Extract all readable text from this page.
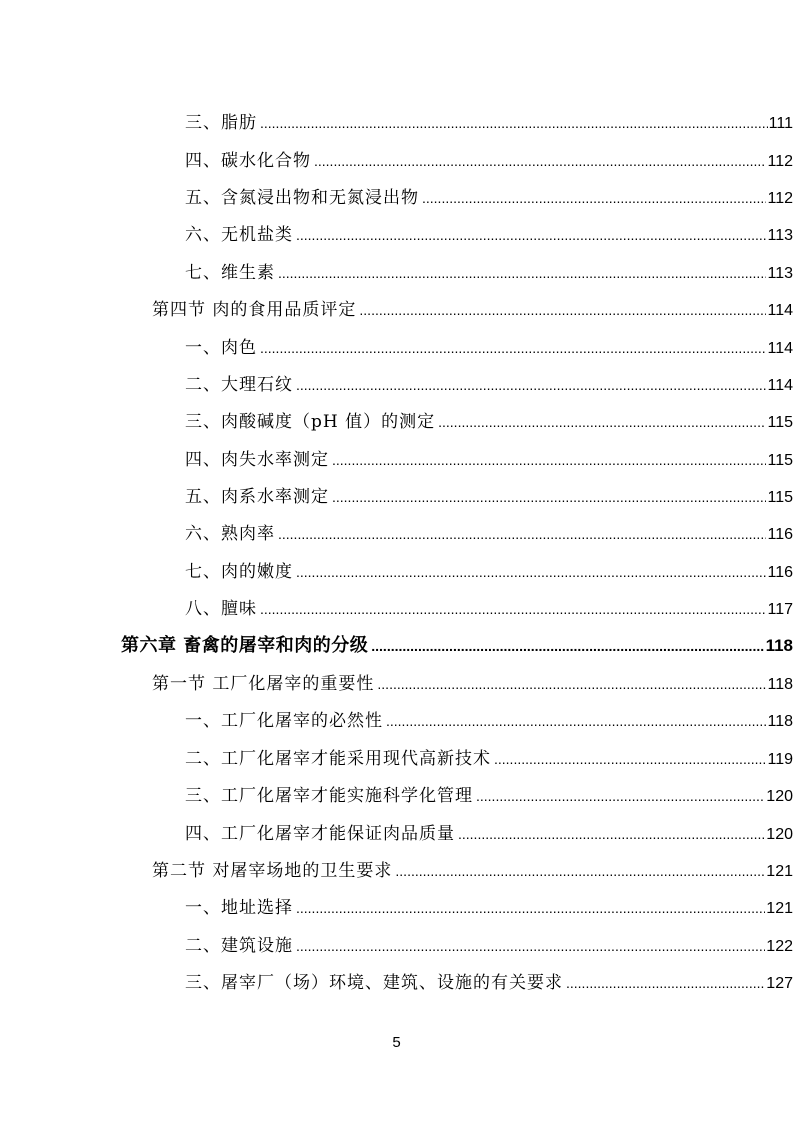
三、脂肪 .....	111
四、碳水化合物 .....	112
五、含氮浸出物和无氮浸出物 .....	112
六、无机盐类 .....	113
七、维生素 .....	113
第四节 肉的食用品质评定 .....	114
一、肉色 .....	114
二、大理石纹 .....	114
三、肉酸碱度（pH 值）的测定 .....	115
四、肉失水率测定 .....	115
五、肉系水率测定 .....	115
六、熟肉率 .....	116
七、肉的嫩度 .....	116
八、膻味 .....	117
第六章 畜禽的屠宰和肉的分级 .....	118
第一节 工厂化屠宰的重要性 .....	118
一、工厂化屠宰的必然性 .....	118
二、工厂化屠宰才能采用现代高新技术 .....	119
三、工厂化屠宰才能实施科学化管理 .....	120
四、工厂化屠宰才能保证肉品质量 .....	120
第二节 对屠宰场地的卫生要求 .....	121
一、地址选择 .....	121
二、建筑设施 .....	122
三、屠宰厂（场）环境、建筑、设施的有关要求 .....	127
5
